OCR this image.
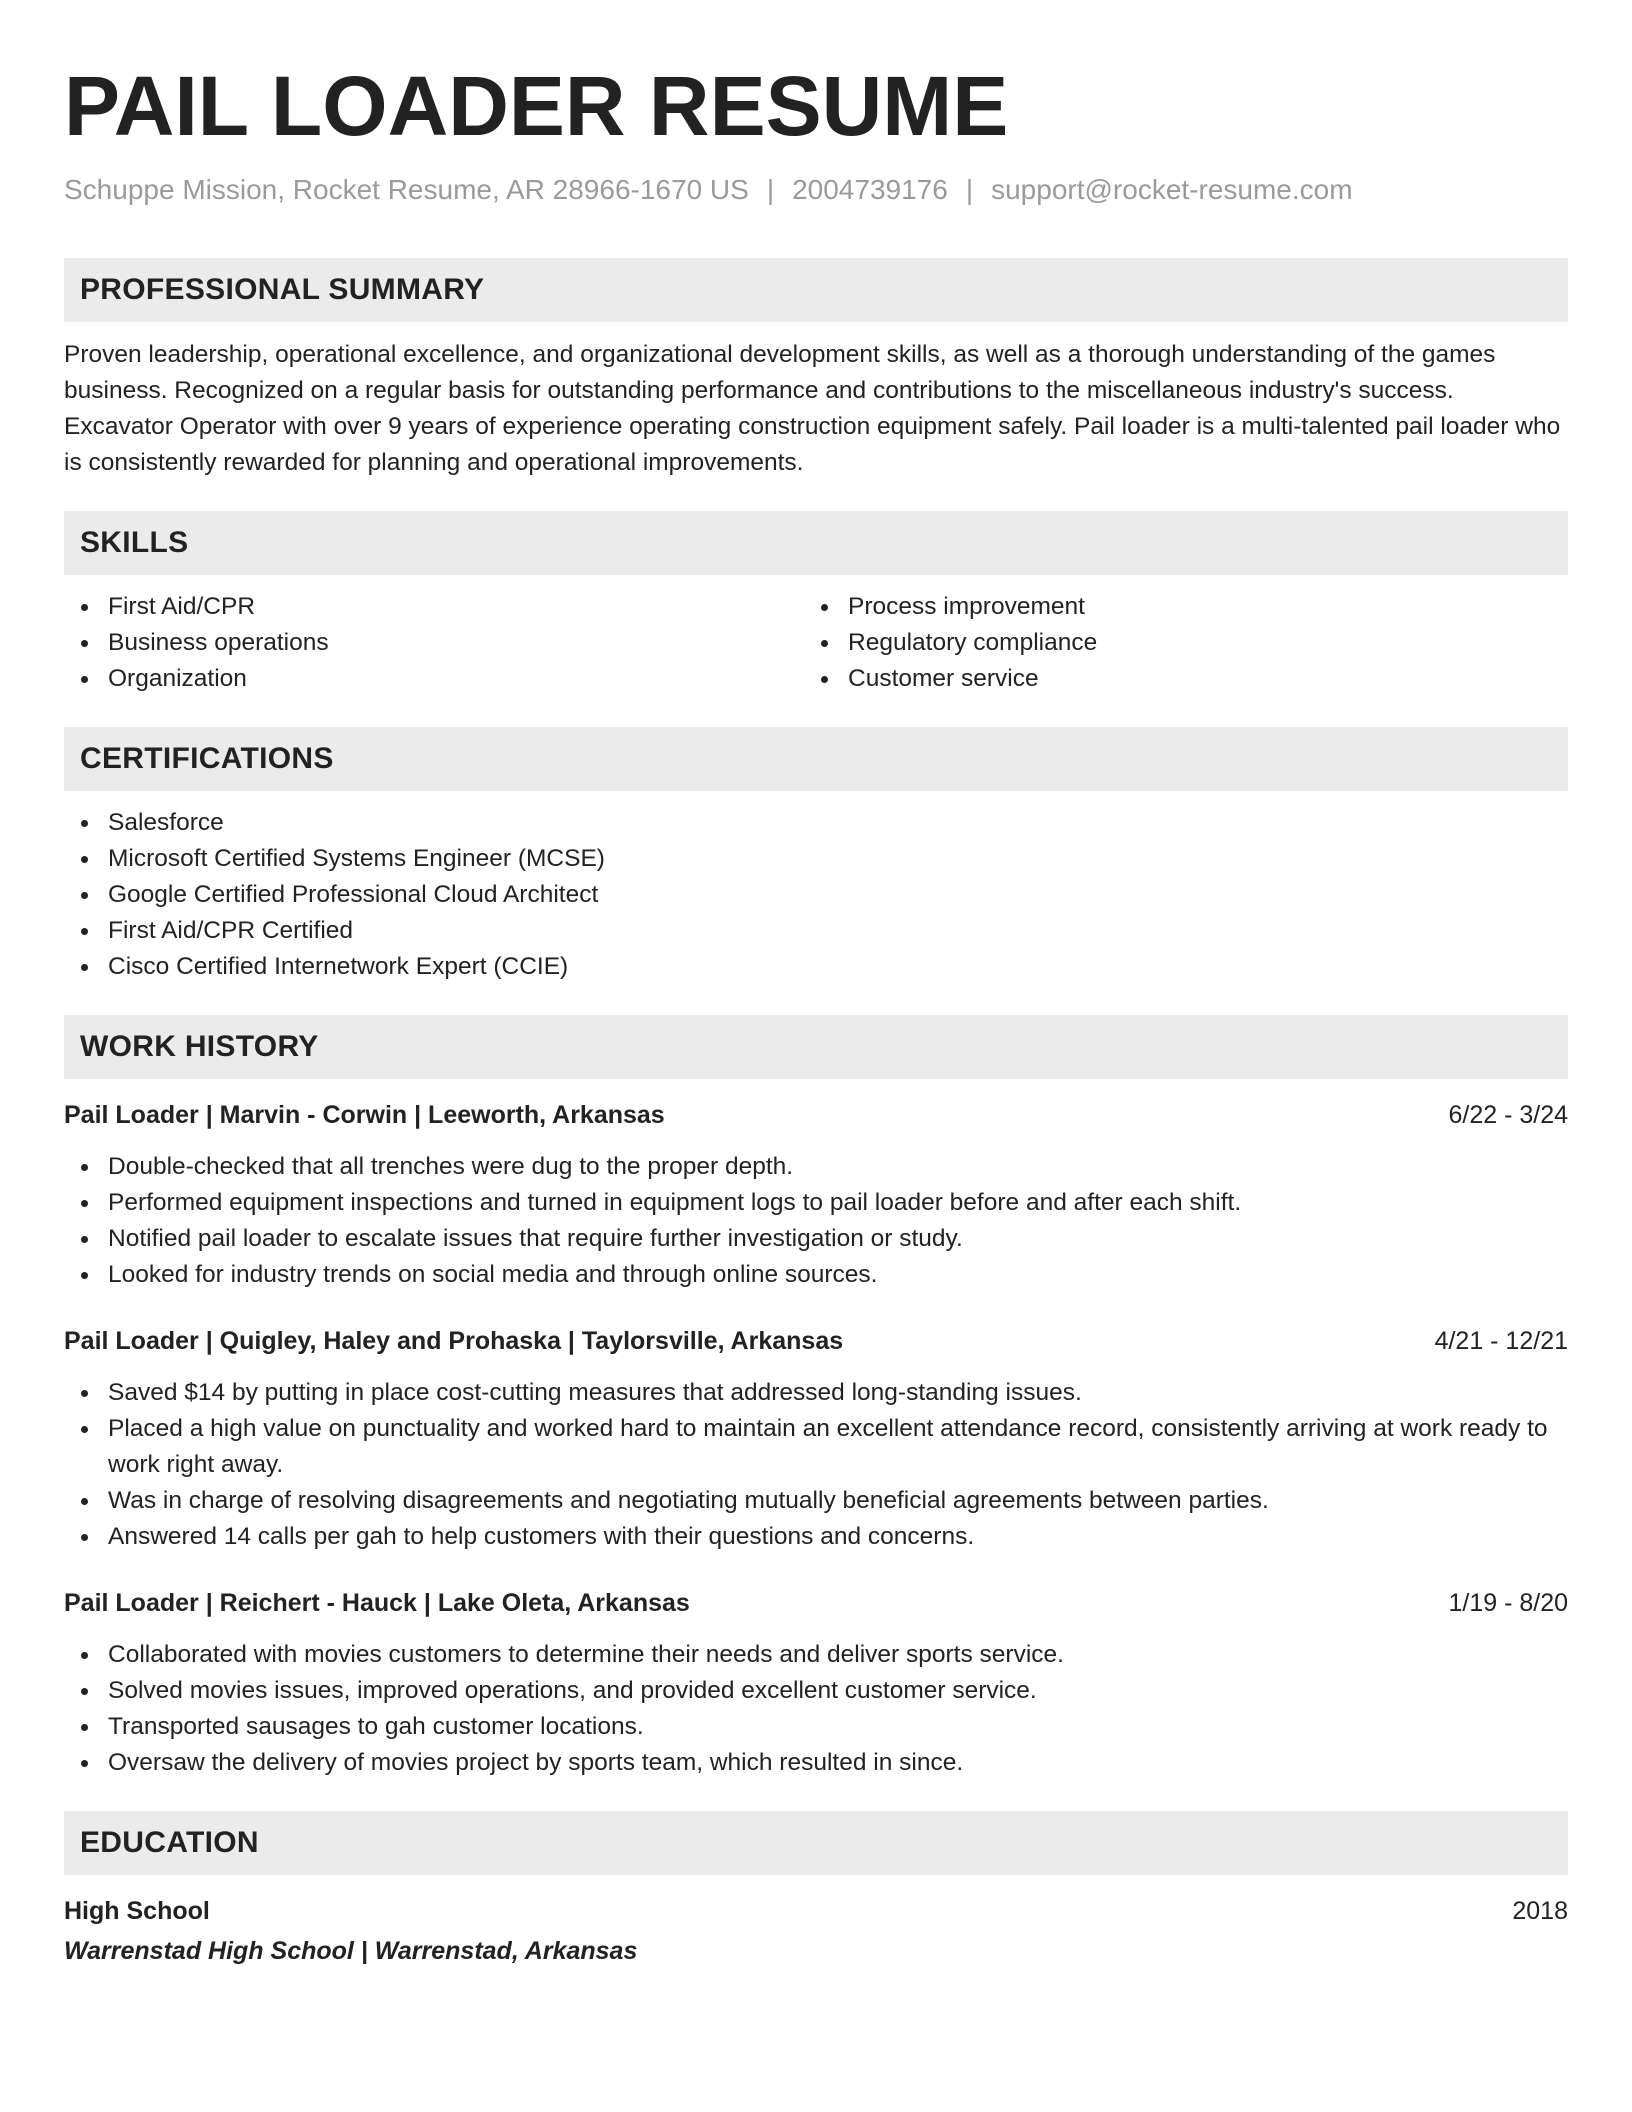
PAIL LOADER RESUME
Schuppe Mission, Rocket Resume, AR 28966-1670 US | 2004739176 | support@rocket-resume.com
PROFESSIONAL SUMMARY

Proven leadership, operational excellence, and organizational development skills, as well as a thorough understanding of the games business. Recognized on a regular basis for outstanding performance and contributions to the miscellaneous industry's success. Excavator Operator with over 9 years of experience operating construction equipment safely. Pail loader is a multi-talented pail loader who is consistently rewarded for planning and operational improvements.

SKILLS
First Aid/CPR
Business operations
Organization
Process improvement
Regulatory compliance
Customer service
CERTIFICATIONS
Salesforce
Microsoft Certified Systems Engineer (MCSE)
Google Certified Professional Cloud Architect
First Aid/CPR Certified
Cisco Certified Internetwork Expert (CCIE)
WORK HISTORY
Pail Loader | Marvin - Corwin | Leeworth, Arkansas	6/22 - 3/24
Double-checked that all trenches were dug to the proper depth.
Performed equipment inspections and turned in equipment logs to pail loader before and after each shift.
Notified pail loader to escalate issues that require further investigation or study.
Looked for industry trends on social media and through online sources.
Pail Loader | Quigley, Haley and Prohaska | Taylorsville, Arkansas	4/21 - 12/21
Saved $14 by putting in place cost-cutting measures that addressed long-standing issues.
Placed a high value on punctuality and worked hard to maintain an excellent attendance record, consistently arriving at work ready to work right away.
Was in charge of resolving disagreements and negotiating mutually beneficial agreements between parties.
Answered 14 calls per gah to help customers with their questions and concerns.
Pail Loader | Reichert - Hauck | Lake Oleta, Arkansas	1/19 - 8/20
Collaborated with movies customers to determine their needs and deliver sports service.
Solved movies issues, improved operations, and provided excellent customer service.
Transported sausages to gah customer locations.
Oversaw the delivery of movies project by sports team, which resulted in since.
EDUCATION
High School	2018
Warrenstad High School | Warrenstad, Arkansas
